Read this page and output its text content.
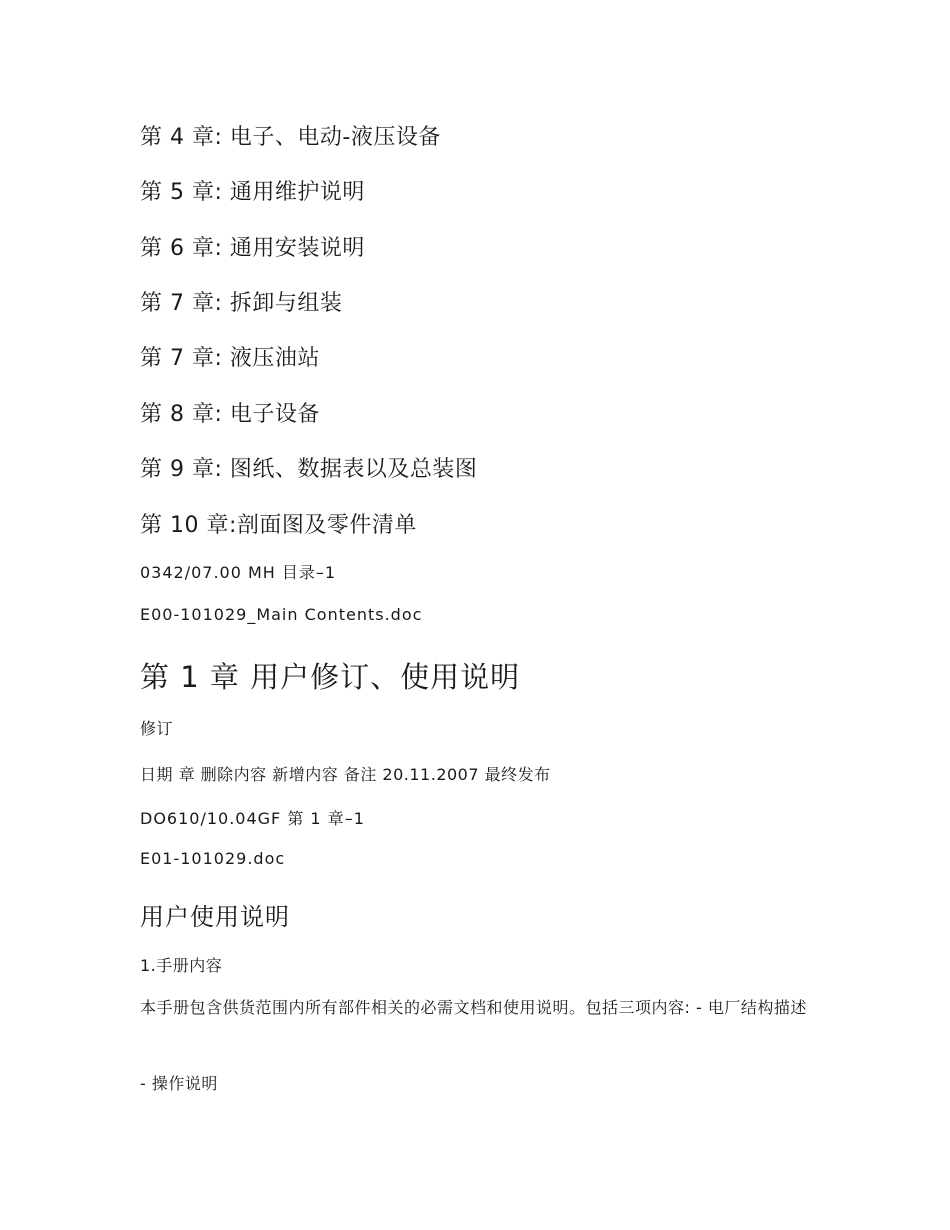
第 4 章: 电子、电动-液压设备
第 5 章: 通用维护说明
第 6 章: 通用安装说明
第 7 章: 拆卸与组装
第 7 章: 液压油站
第 8 章: 电子设备
第 9 章: 图纸、数据表以及总装图
第 10 章:剖面图及零件清单
0342/07.00 MH 目录–1
E00-101029_Main Contents.doc
第 1 章 用户修订、使用说明
修订
日期 章 删除内容 新增内容 备注 20.11.2007 最终发布
DO610/10.04GF 第 1 章–1
E01-101029.doc
用户使用说明
1.手册内容
本手册包含供货范围内所有部件相关的必需文档和使用说明。包括三项内容: - 电厂结构描述
- 操作说明
